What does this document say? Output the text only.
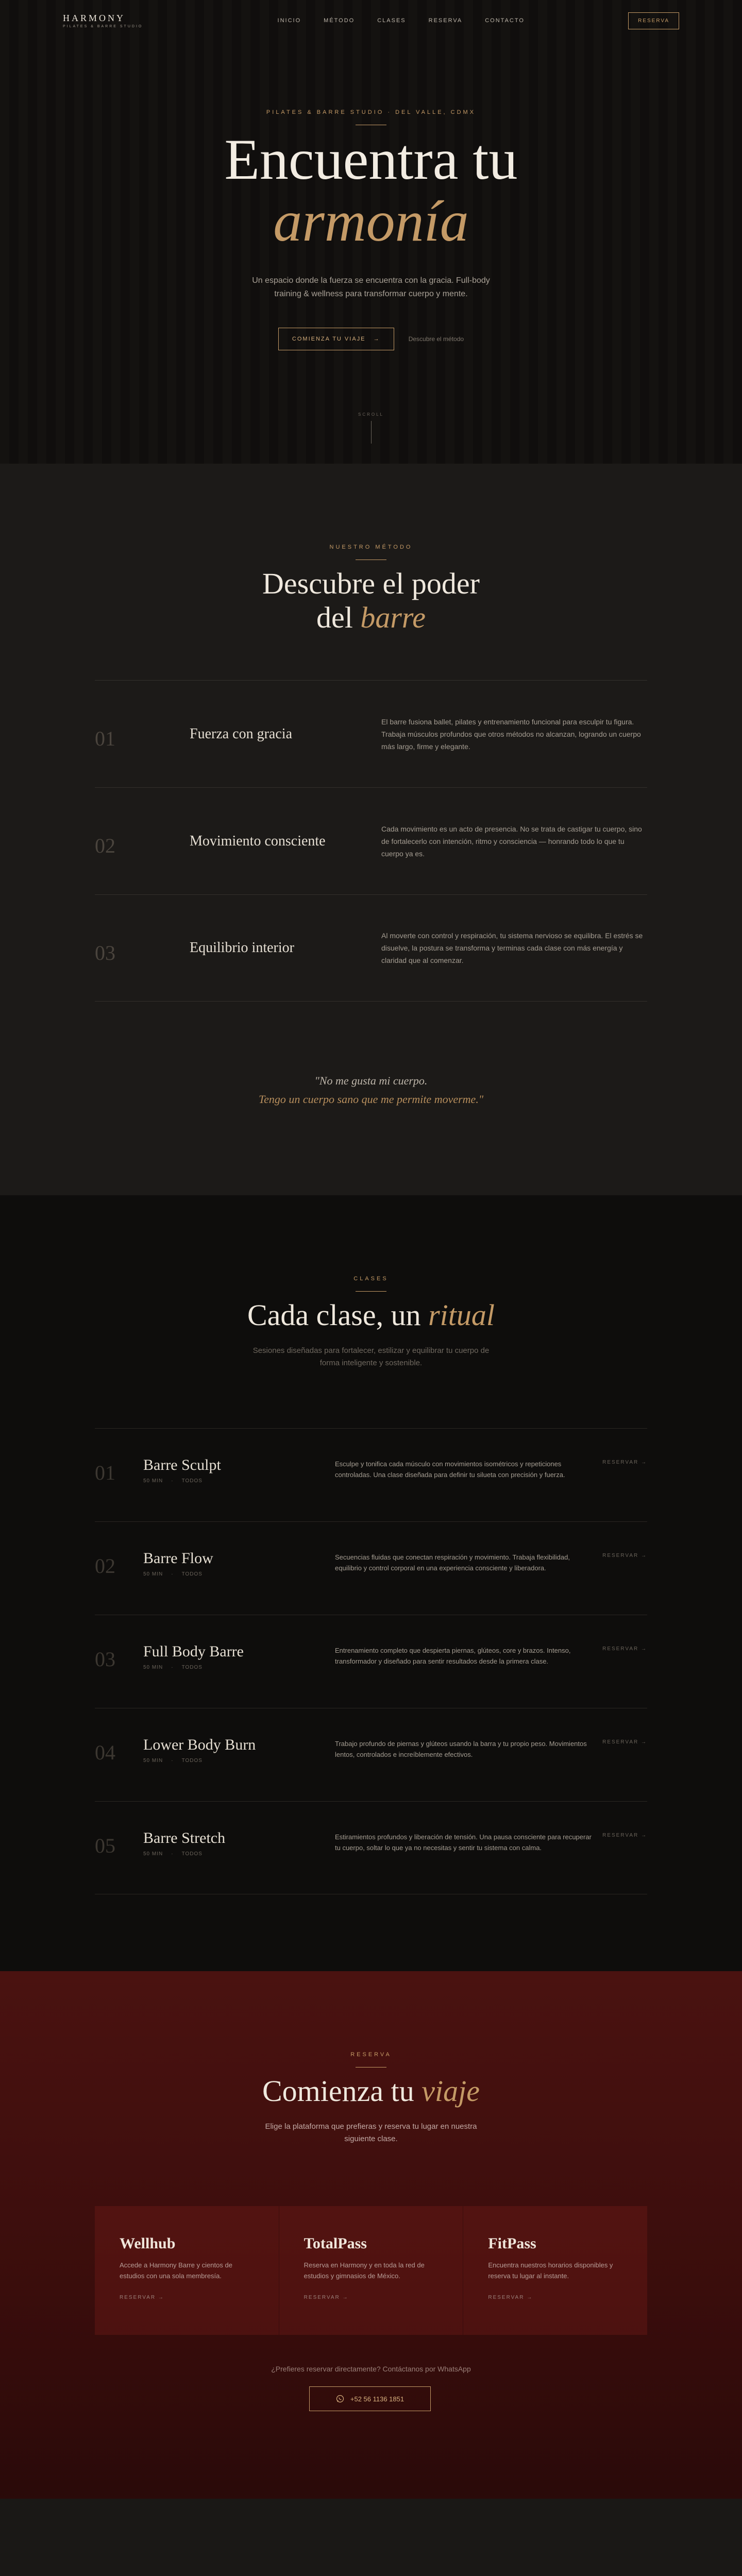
PILATES & BARRE STUDIO · DEL VALLE, CDMX
Encuentra tu
armonía

Un espacio donde la fuerza se encuentra con la gracia. Full-body training & wellness para transformar cuerpo y mente.

COMIENZA TU VIAJE   →	Descubre el método
SCROLL
HARMONY
PILATES & BARRE STUDIO
INICIO	MÉTODO	CLASES	RESERVA	CONTACTO	RESERVA
NUESTRO MÉTODO
Descubre el poder
del barre
01	Fuerza con gracia
El barre fusiona ballet, pilates y entrenamiento funcional para esculpir tu figura. Trabaja músculos profundos que otros métodos no alcanzan, logrando un cuerpo más largo, firme y elegante.
02	Movimiento consciente
Cada movimiento es un acto de presencia. No se trata de castigar tu cuerpo, sino de fortalecerlo con intención, ritmo y consciencia — honrando todo lo que tu cuerpo ya es.
03	Equilibrio interior
Al moverte con control y respiración, tu sistema nervioso se equilibra. El estrés se disuelve, la postura se transforma y terminas cada clase con más energía y claridad que al comenzar.
"No me gusta mi cuerpo.
Tengo un cuerpo sano que me permite moverme."
CLASES
Cada clase, un ritual

Sesiones diseñadas para fortalecer, estilizar y equilibrar tu cuerpo de forma inteligente y sostenible.

01	Barre Sculpt
50 MIN · TODOS
Esculpe y tonifica cada músculo con movimientos isométricos y repeticiones controladas. Una clase diseñada para definir tu silueta con precisión y fuerza.
RESERVAR →
02	Barre Flow
50 MIN · TODOS
Secuencias fluidas que conectan respiración y movimiento. Trabaja flexibilidad, equilibrio y control corporal en una experiencia consciente y liberadora.
RESERVAR →
03	Full Body Barre
50 MIN · TODOS
Entrenamiento completo que despierta piernas, glúteos, core y brazos. Intenso, transformador y diseñado para sentir resultados desde la primera clase.
RESERVAR →
04	Lower Body Burn
50 MIN · TODOS
Trabajo profundo de piernas y glúteos usando la barra y tu propio peso. Movimientos lentos, controlados e increíblemente efectivos.
RESERVAR →
05	Barre Stretch
50 MIN · TODOS
Estiramientos profundos y liberación de tensión. Una pausa consciente para recuperar tu cuerpo, soltar lo que ya no necesitas y sentir tu sistema con calma.
RESERVAR →
RESERVA
Comienza tu viaje

Elige la plataforma que prefieras y reserva tu lugar en nuestra siguiente clase.

Wellhub
Accede a Harmony Barre y cientos de estudios con una sola membresía.
RESERVAR →
TotalPass
Reserva en Harmony y en toda la red de estudios y gimnasios de México.
RESERVAR →
FitPass
Encuentra nuestros horarios disponibles y reserva tu lugar al instante.
RESERVAR →
¿Prefieres reservar directamente? Contáctanos por WhatsApp
+52 56 1136 1851
